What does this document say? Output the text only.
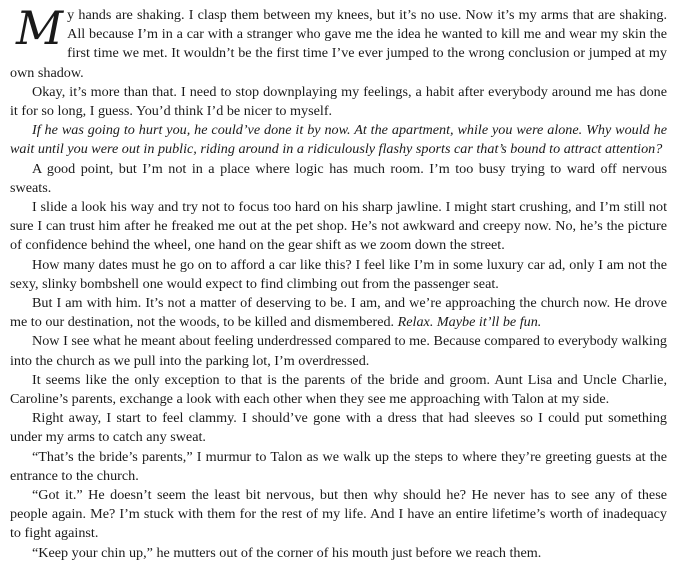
My hands are shaking. I clasp them between my knees, but it’s no use. Now it’s my arms that are shaking. All because I’m in a car with a stranger who gave me the idea he wanted to kill me and wear my skin the first time we met. It wouldn’t be the first time I’ve ever jumped to the wrong conclusion or jumped at my own shadow.

Okay, it’s more than that. I need to stop downplaying my feelings, a habit after everybody around me has done it for so long, I guess. You’d think I’d be nicer to myself.

If he was going to hurt you, he could’ve done it by now. At the apartment, while you were alone. Why would he wait until you were out in public, riding around in a ridiculously flashy sports car that’s bound to attract attention?

A good point, but I’m not in a place where logic has much room. I’m too busy trying to ward off nervous sweats.

I slide a look his way and try not to focus too hard on his sharp jawline. I might start crushing, and I’m still not sure I can trust him after he freaked me out at the pet shop. He’s not awkward and creepy now. No, he’s the picture of confidence behind the wheel, one hand on the gear shift as we zoom down the street.

How many dates must he go on to afford a car like this? I feel like I’m in some luxury car ad, only I am not the sexy, slinky bombshell one would expect to find climbing out from the passenger seat.

But I am with him. It’s not a matter of deserving to be. I am, and we’re approaching the church now. He drove me to our destination, not the woods, to be killed and dismembered. Relax. Maybe it’ll be fun.

Now I see what he meant about feeling underdressed compared to me. Because compared to everybody walking into the church as we pull into the parking lot, I’m overdressed.

It seems like the only exception to that is the parents of the bride and groom. Aunt Lisa and Uncle Charlie, Caroline’s parents, exchange a look with each other when they see me approaching with Talon at my side.

Right away, I start to feel clammy. I should’ve gone with a dress that had sleeves so I could put something under my arms to catch any sweat.

“That’s the bride’s parents,” I murmur to Talon as we walk up the steps to where they’re greeting guests at the entrance to the church.

“Got it.” He doesn’t seem the least bit nervous, but then why should he? He never has to see any of these people again. Me? I’m stuck with them for the rest of my life. And I have an entire lifetime’s worth of inadequacy to fight against.

“Keep your chin up,” he mutters out of the corner of his mouth just before we reach them.
